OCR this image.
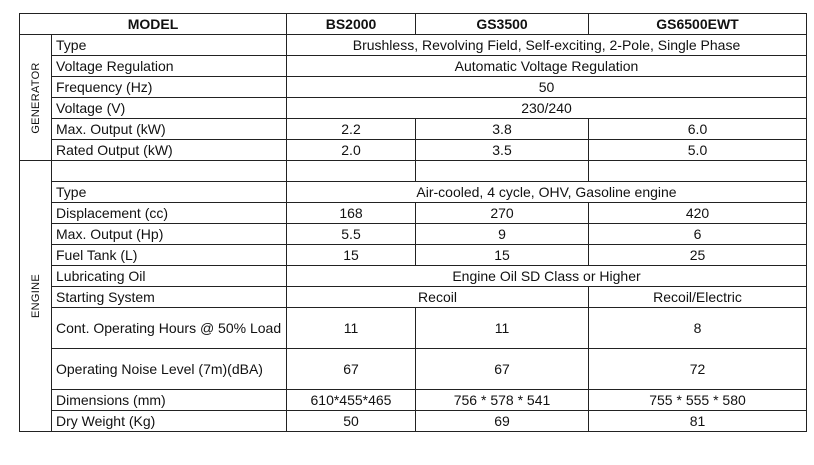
MODEL		BS2000	GS3500	GS6500EWT

GENERATOR	Type	Brushless, Revolving Field, Self-exciting, 2-Pole, Single Phase		
	Voltage Regulation	Automatic Voltage Regulation		
	Frequency (Hz)	50		
	Voltage (V)	230/240		
	Max. Output (kW)	2.2	3.8	6.0
	Rated Output (kW)	2.0	3.5	5.0

ENGINE				

	Type	Air-cooled, 4 cycle, OHV, Gasoline engine		
	Displacement (cc)	168	270	420
	Max. Output (Hp)	5.5	9	6
	Fuel Tank (L)	15	15	25
	Lubricating Oil	Engine Oil SD Class or Higher		
	Starting System	Recoil		Recoil/Electric
	Cont. Operating Hours @ 50% Load	11	11	8
	Operating Noise Level (7m)(dBA)	67	67	72
	Dimensions (mm)	610*455*465	756 * 578 * 541	755 * 555 * 580
	Dry Weight (Kg)	50	69	81
